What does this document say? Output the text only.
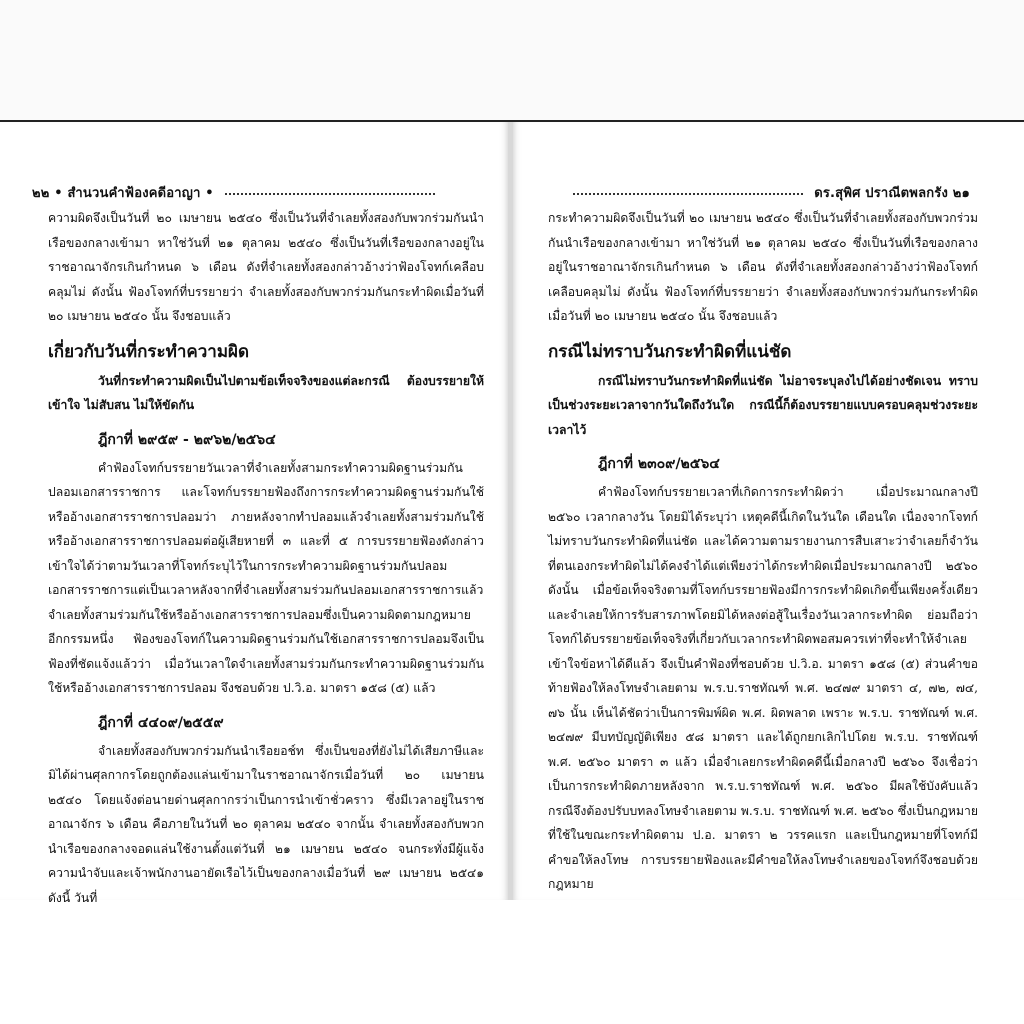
๒๒ • สำนวนคำฟ้องคดีอาญา •	ดร.สุพิศ ปราณีตพลกรัง ๒๑

ความผิดจึงเป็นวันที่ ๒๐ เมษายน ๒๕๔๐ ซึ่งเป็นวันที่จำเลยทั้งสองกับพวกร่วมกันนำเรือของกลางเข้ามา หาใช่วันที่ ๒๑ ตุลาคม ๒๕๔๐ ซึ่งเป็นวันที่เรือของกลางอยู่ในราชอาณาจักรเกินกำหนด ๖ เดือน ดังที่จำเลยทั้งสองกล่าวอ้างว่าฟ้องโจทก์เคลือบคลุมไม่ ดังนั้น ฟ้องโจทก์ที่บรรยายว่า จำเลยทั้งสองกับพวกร่วมกันกระทำผิดเมื่อวันที่ ๒๐ เมษายน ๒๕๔๐ นั้น จึงชอบแล้ว

เกี่ยวกับวันที่กระทำความผิด

วันที่กระทำความผิดเป็นไปตามข้อเท็จจริงของแต่ละกรณี ต้องบรรยายให้เข้าใจ ไม่สับสน ไม่ให้ขัดกัน

ฎีกาที่ ๒๙๕๙ - ๒๙๖๒/๒๕๖๔

คำฟ้องโจทก์บรรยายวันเวลาที่จำเลยทั้งสามกระทำความผิดฐานร่วมกันปลอมเอกสารราชการ และโจทก์บรรยายฟ้องถึงการกระทำความผิดฐานร่วมกันใช้หรืออ้างเอกสารราชการปลอมว่า ภายหลังจากทำปลอมแล้วจำเลยทั้งสามร่วมกันใช้หรืออ้างเอกสารราชการปลอมต่อผู้เสียหายที่ ๓ และที่ ๕ การบรรยายฟ้องดังกล่าวเข้าใจได้ว่าตามวันเวลาที่โจทก์ระบุไว้ในการกระทำความผิดฐานร่วมกันปลอมเอกสารราชการแต่เป็นเวลาหลังจากที่จำเลยทั้งสามร่วมกันปลอมเอกสารราชการแล้ว จำเลยทั้งสามร่วมกันใช้หรืออ้างเอกสารราชการปลอมซึ่งเป็นความผิดตามกฎหมายอีกกรรมหนึ่ง ฟ้องของโจทก์ในความผิดฐานร่วมกันใช้เอกสารราชการปลอมจึงเป็นฟ้องที่ชัดแจ้งแล้วว่า เมื่อวันเวลาใดจำเลยทั้งสามร่วมกันกระทำความผิดฐานร่วมกันใช้หรืออ้างเอกสารราชการปลอม จึงชอบด้วย ป.วิ.อ. มาตรา ๑๕๘ (๕) แล้ว

ฎีกาที่ ๔๔๐๙/๒๕๕๙

จำเลยทั้งสองกับพวกร่วมกันนำเรือยอช์ท ซึ่งเป็นของที่ยังไม่ได้เสียภาษีและมิได้ผ่านศุลกากรโดยถูกต้องแล่นเข้ามาในราชอาณาจักรเมื่อวันที่ ๒๐ เมษายน ๒๕๔๐ โดยแจ้งต่อนายด่านศุลกากรว่าเป็นการนำเข้าชั่วคราว ซึ่งมีเวลาอยู่ในราชอาณาจักร ๖ เดือน คือภายในวันที่ ๒๐ ตุลาคม ๒๕๔๐ จากนั้น จำเลยทั้งสองกับพวกนำเรือของกลางจอดแล่นใช้งานตั้งแต่วันที่ ๒๑ เมษายน ๒๕๔๐ จนกระทั่งมีผู้แจ้งความนำจับและเจ้าพนักงานอายัดเรือไว้เป็นของกลางเมื่อวันที่ ๒๙ เมษายน ๒๕๔๑ ดังนี้ วันที่

กระทำความผิดจึงเป็นวันที่ ๒๐ เมษายน ๒๕๔๐ ซึ่งเป็นวันที่จำเลยทั้งสองกับพวกร่วมกันนำเรือของกลางเข้ามา หาใช่วันที่ ๒๑ ตุลาคม ๒๕๔๐ ซึ่งเป็นวันที่เรือของกลางอยู่ในราชอาณาจักรเกินกำหนด ๖ เดือน ดังที่จำเลยทั้งสองกล่าวอ้างว่าฟ้องโจทก์เคลือบคลุมไม่ ดังนั้น ฟ้องโจทก์ที่บรรยายว่า จำเลยทั้งสองกับพวกร่วมกันกระทำผิดเมื่อวันที่ ๒๐ เมษายน ๒๕๔๐ นั้น จึงชอบแล้ว

กรณีไม่ทราบวันกระทำผิดที่แน่ชัด

กรณีไม่ทราบวันกระทำผิดที่แน่ชัด ไม่อาจระบุลงไปได้อย่างชัดเจน ทราบเป็นช่วงระยะเวลาจากวันใดถึงวันใด กรณีนี้ก็ต้องบรรยายแบบครอบคลุมช่วงระยะเวลาไว้

ฎีกาที่ ๒๓๐๙/๒๕๖๔

คำฟ้องโจทก์บรรยายเวลาที่เกิดการกระทำผิดว่า เมื่อประมาณกลางปี ๒๕๖๐ เวลากลางวัน โดยมิได้ระบุว่า เหตุคดีนี้เกิดในวันใด เดือนใด เนื่องจากโจทก์ไม่ทราบวันกระทำผิดที่แน่ชัด และได้ความตามรายงานการสืบเสาะว่าจำเลยก็จำวันที่ตนเองกระทำผิดไม่ได้คงจำได้แต่เพียงว่าได้กระทำผิดเมื่อประมาณกลางปี ๒๕๖๐ ดังนั้น เมื่อข้อเท็จจริงตามที่โจทก์บรรยายฟ้องมีการกระทำผิดเกิดขึ้นเพียงครั้งเดียวและจำเลยให้การรับสารภาพโดยมิได้หลงต่อสู้ในเรื่องวันเวลากระทำผิด ย่อมถือว่าโจทก์ได้บรรยายข้อเท็จจริงที่เกี่ยวกับเวลากระทำผิดพอสมควรเท่าที่จะทำให้จำเลยเข้าใจข้อหาได้ดีแล้ว จึงเป็นคำฟ้องที่ชอบด้วย ป.วิ.อ. มาตรา ๑๕๘ (๕) ส่วนคำขอท้ายฟ้องให้ลงโทษจำเลยตาม พ.ร.บ.ราชทัณฑ์ พ.ศ. ๒๔๗๙ มาตรา ๔, ๗๒, ๗๔, ๗๖ นั้น เห็นได้ชัดว่าเป็นการพิมพ์ผิด พ.ศ. ผิดพลาด เพราะ พ.ร.บ. ราชทัณฑ์ พ.ศ. ๒๔๗๙ มีบทบัญญัติเพียง ๕๘ มาตรา และได้ถูกยกเลิกไปโดย พ.ร.บ. ราชทัณฑ์ พ.ศ. ๒๕๖๐ มาตรา ๓ แล้ว เมื่อจำเลยกระทำผิดคดีนี้เมื่อกลางปี ๒๕๖๐ จึงเชื่อว่าเป็นการกระทำผิดภายหลังจาก พ.ร.บ.ราชทัณฑ์ พ.ศ. ๒๕๖๐ มีผลใช้บังคับแล้ว กรณีจึงต้องปรับบทลงโทษจำเลยตาม พ.ร.บ. ราชทัณฑ์ พ.ศ. ๒๕๖๐ ซึ่งเป็นกฎหมายที่ใช้ในขณะกระทำผิดตาม ป.อ. มาตรา ๒ วรรคแรก และเป็นกฎหมายที่โจทก์มีคำขอให้ลงโทษ การบรรยายฟ้องและมีคำขอให้ลงโทษจำเลยของโจทก์จึงชอบด้วยกฎหมาย
